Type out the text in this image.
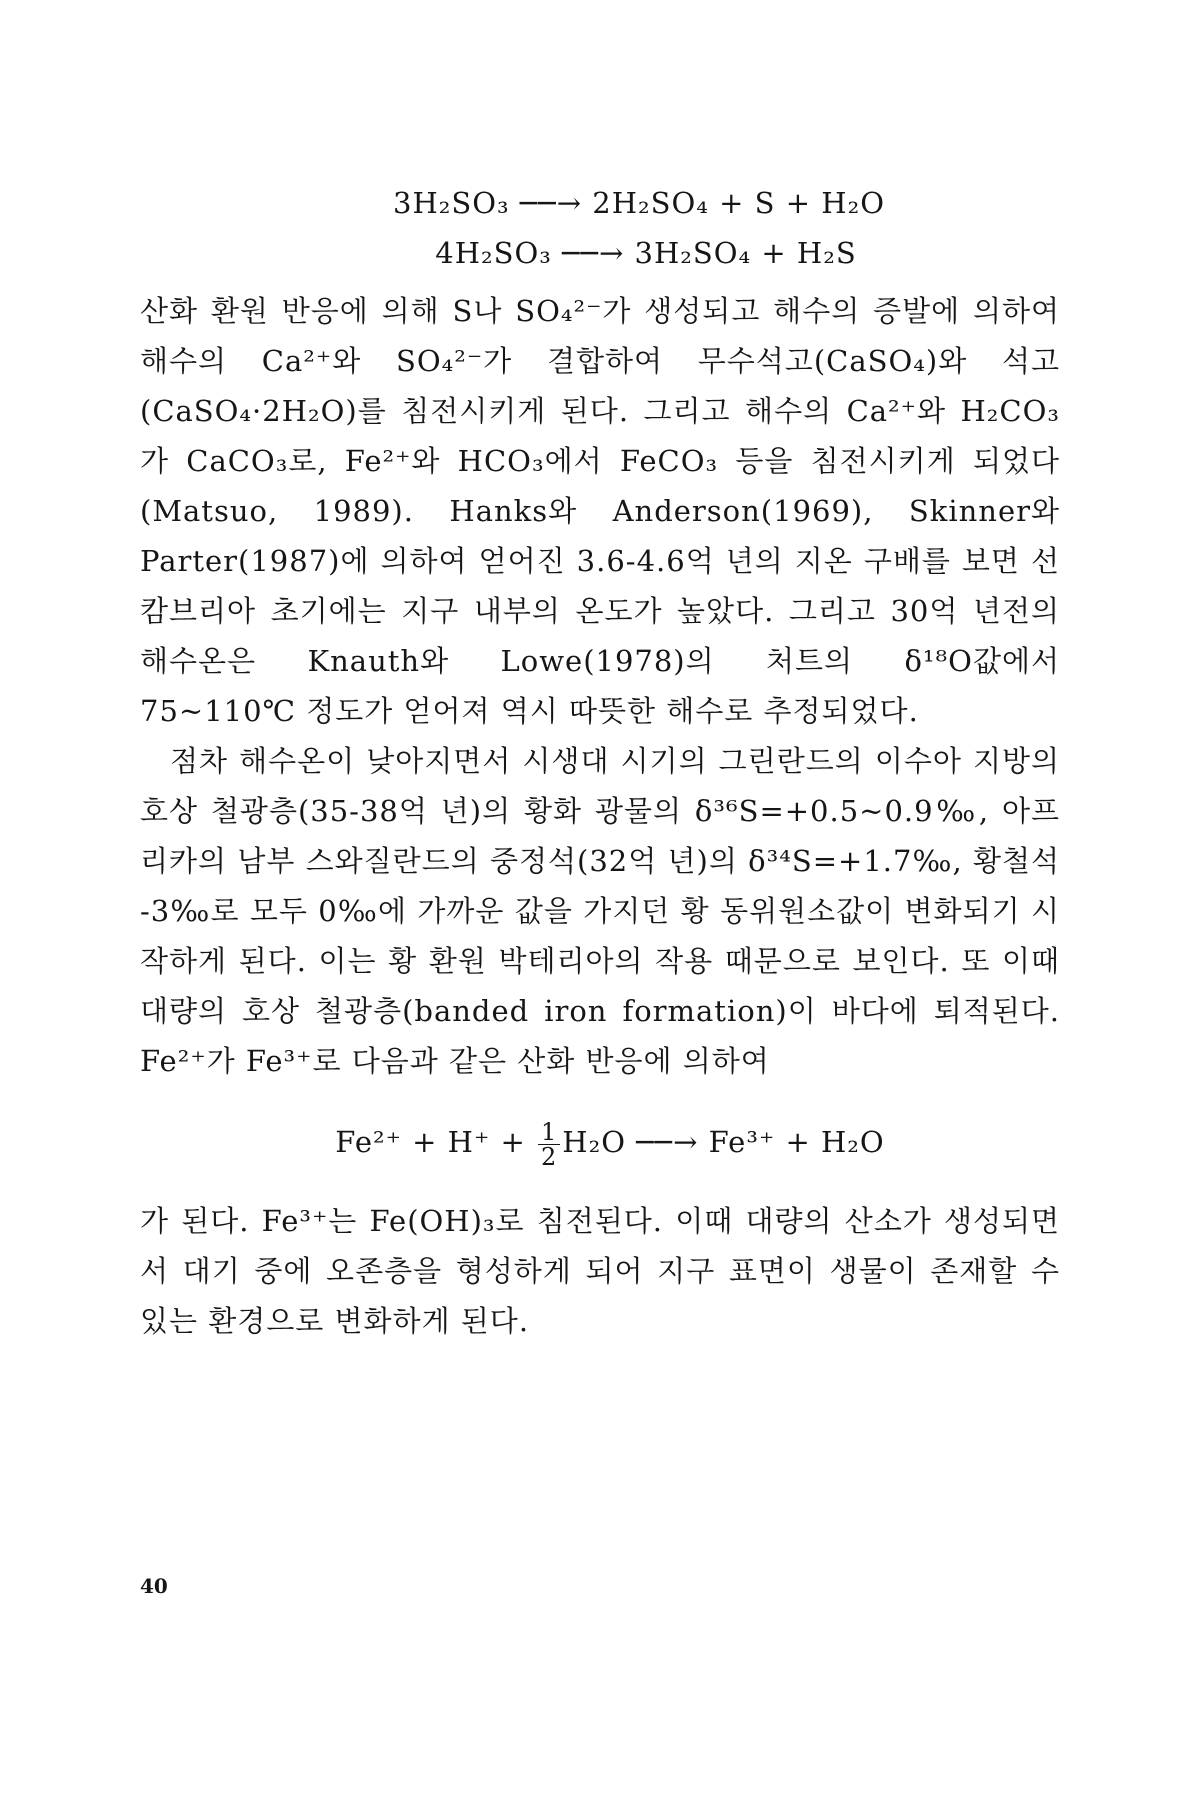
3H₂SO₃ ──→ 2H₂SO₄ + S + H₂O
4H₂SO₃ ──→ 3H₂SO₄ + H₂S

산화 환원 반응에 의해 S나 SO₄²⁻가 생성되고 해수의 증발에 의하여 해수의 Ca²⁺와 SO₄²⁻가 결합하여 무수석고(CaSO₄)와 석고(CaSO₄·2H₂O)를 침전시키게 된다. 그리고 해수의 Ca²⁺와 H₂CO₃가 CaCO₃로, Fe²⁺와 HCO₃에서 FeCO₃ 등을 침전시키게 되었다(Matsuo, 1989). Hanks와 Anderson(1969), Skinner와 Parter(1987)에 의하여 얻어진 3.6-4.6억 년의 지온 구배를 보면 선캄브리아 초기에는 지구 내부의 온도가 높았다. 그리고 30억 년전의 해수온은 Knauth와 Lowe(1978)의 처트의 δ¹⁸O값에서 75~110℃ 정도가 얻어져 역시 따뜻한 해수로 추정되었다.

점차 해수온이 낮아지면서 시생대 시기의 그린란드의 이수아 지방의 호상 철광층(35-38억 년)의 황화 광물의 δ³⁶S=+0.5~0.9‰, 아프리카의 남부 스와질란드의 중정석(32억 년)의 δ³⁴S=+1.7‰, 황철석 -3‰로 모두 0‰에 가까운 값을 가지던 황 동위원소값이 변화되기 시작하게 된다. 이는 황 환원 박테리아의 작용 때문으로 보인다. 또 이때 대량의 호상 철광층(banded iron formation)이 바다에 퇴적된다. Fe²⁺가 Fe³⁺로 다음과 같은 산화 반응에 의하여

$Fe^{2+} + H^+ + \frac{1}{2} H_2O$ ──→ Fe³⁺ + H₂O

가 된다. Fe³⁺는 Fe(OH)₃로 침전된다. 이때 대량의 산소가 생성되면서 대기 중에 오존층을 형성하게 되어 지구 표면이 생물이 존재할 수 있는 환경으로 변화하게 된다.

40
